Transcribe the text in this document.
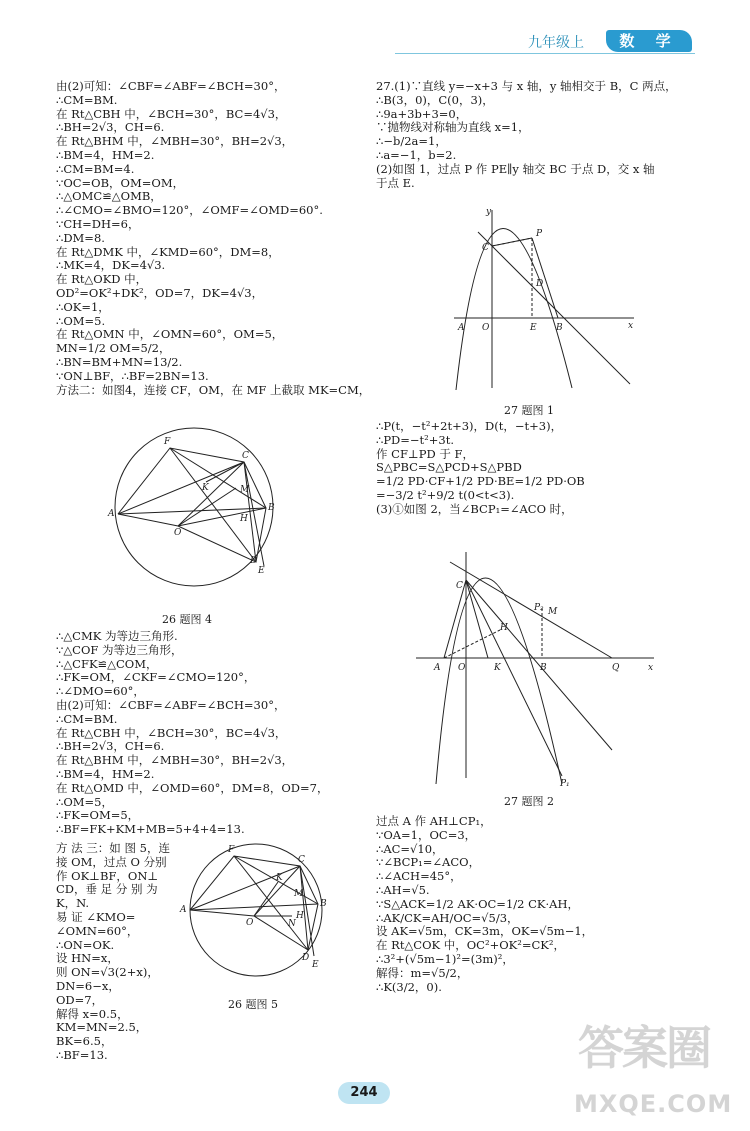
九年级上	数 学

由(2)可知：∠CBF=∠ABF=∠BCH=30°，

∴CM=BM.

在 Rt△CBH 中，∠BCH=30°，BC=4√3，

∴BH=2√3，CH=6.

在 Rt△BHM 中，∠MBH=30°，BH=2√3，

∴BM=4，HM=2.

∴CM=BM=4.

∵OC=OB，OM=OM，

∴△OMC≌△OMB，

∴∠CMO=∠BMO=120°，∠OMF=∠OMD=60°.

∵CH=DH=6，

∴DM=8.

在 Rt△DMK 中，∠KMD=60°，DM=8，

∴MK=4，DK=4√3.

在 Rt△OKD 中，

OD²=OK²+DK²，OD=7，DK=4√3，

∴OK=1，

∴OM=5.

在 Rt△OMN 中，∠OMN=60°，OM=5，

MN=1/2 OM=5/2，

∴BN=BM+MN=13/2.

∵ON⊥BF，∴BF=2BN=13.

方法二：如图4，连接 CF，OM，在 MF 上截取 MK=CM，

F
C
K	M
A
O
H
B
D
E
26 题图 4

∴△CMK 为等边三角形.

∵△COF 为等边三角形，

∴△CFK≌△COM，

∴FK=OM，∠CKF=∠CMO=120°，

∴∠DMO=60°，

由(2)可知：∠CBF=∠ABF=∠BCH=30°，

∴CM=BM.

在 Rt△CBH 中，∠BCH=30°，BC=4√3，

∴BH=2√3，CH=6.

在 Rt△BHM 中，∠MBH=30°，BH=2√3，

∴BM=4，HM=2.

在 Rt△OMD 中，∠OMD=60°，DM=8，OD=7，

∴OM=5，

∴FK=OM=5，

∴BF=FK+KM+MB=5+4+4=13.

方 法 三：如 图 5，连

接 OM，过点 O 分别

作 OK⊥BF，ON⊥

CD，垂 足 分 别 为

K，N.

易 证 ∠KMO=

∠OMN=60°，

∴ON=OK.

设 HN=x，

则 ON=√3(2+x)，

DN=6−x，

OD=7，

解得 x=0.5，

KM=MN=2.5，

BK=6.5，

∴BF=13.

F
C
A
O
M
K
N
H
B
D
E
26 题图 5

27.(1)∵直线 y=−x+3 与 x 轴，y 轴相交于 B，C 两点，

∴B(3，0)，C(0，3)，

∴9a+3b+3=0，

∵抛物线对称轴为直线 x=1，

∴−b/2a=1，

∴a=−1，b=2.

(2)如图 1，过点 P 作 PE∥y 轴交 BC 于点 D，交 x 轴

于点 E.

y
C
P
D
A O	E B	x
27 题图 1

∴P(t，−t²+2t+3)，D(t，−t+3)，

∴PD=−t²+3t.

作 CF⊥PD 于 F，

S△PBC=S△PCD+S△PBD

=1/2 PD·CF+1/2 PD·BE=1/2 PD·OB

=−3/2 t²+9/2 t(0<t<3).

(3)①如图 2，当∠BCP₁=∠ACO 时，

C
P₂ M
H
A O	K	B	Q	x
P₁
27 题图 2

过点 A 作 AH⊥CP₁，

∵OA=1，OC=3，

∴AC=√10，

∵∠BCP₁=∠ACO，

∴∠ACH=45°，

∴AH=√5.

∵S△ACK=1/2 AK·OC=1/2 CK·AH，

∴AK/CK=AH/OC=√5/3，

设 AK=√5m，CK=3m，OK=√5m−1，

在 Rt△COK 中，OC²+OK²=CK²，

∴3²+(√5m−1)²=(3m)²，

解得：m=√5/2，

∴K(3/2，0).

244
答案圈
MXQE.COM
